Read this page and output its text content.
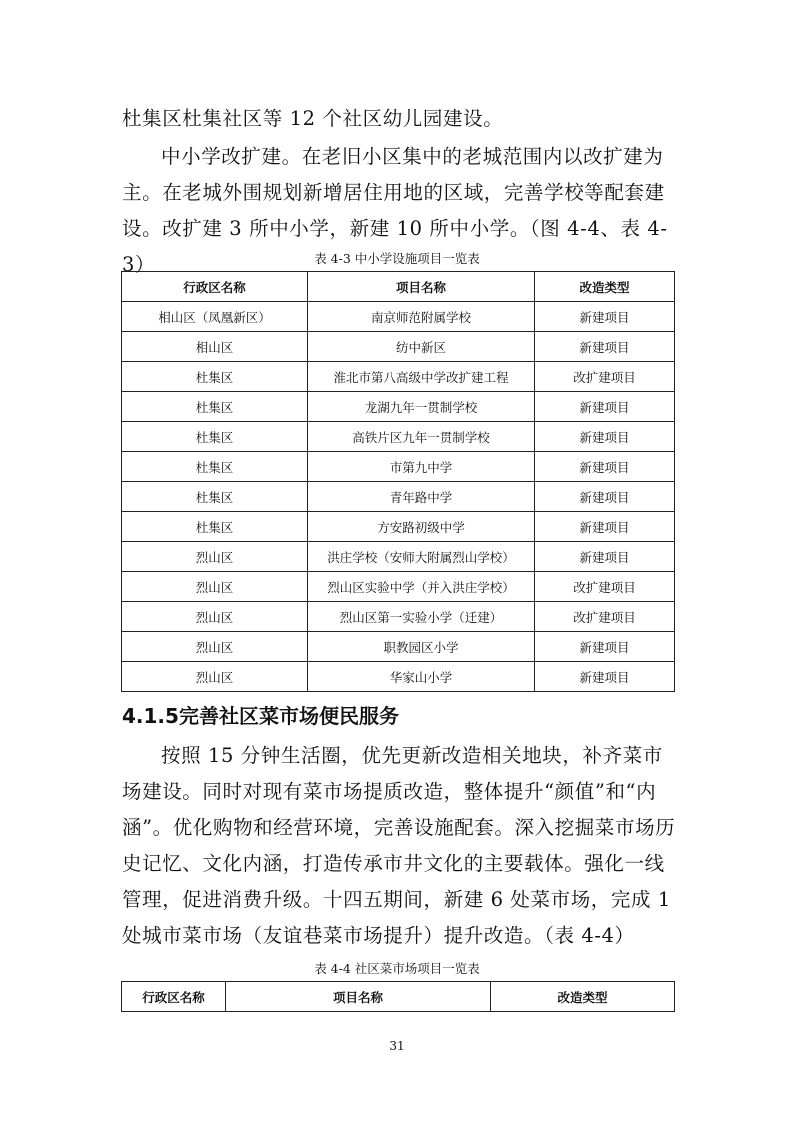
杜集区杜集社区等 12 个社区幼儿园建设。

中小学改扩建。在老旧小区集中的老城范围内以改扩建为主。在老城外围规划新增居住用地的区域，完善学校等配套建设。改扩建 3 所中小学，新建 10 所中小学。（图 4-4、表 4-3）	表 4-3 中小学设施项目一览表
行政区名称	项目名称	改造类型
相山区（凤凰新区）	南京师范附属学校	新建项目
相山区	纺中新区	新建项目
杜集区	淮北市第八高级中学改扩建工程	改扩建项目
杜集区	龙湖九年一贯制学校	新建项目
杜集区	高铁片区九年一贯制学校	新建项目
杜集区	市第九中学	新建项目
杜集区	青年路中学	新建项目
杜集区	方安路初级中学	新建项目
烈山区	洪庄学校（安师大附属烈山学校）	新建项目
烈山区	烈山区实验中学（并入洪庄学校）	改扩建项目
烈山区	烈山区第一实验小学（迁建）	改扩建项目
烈山区	职教园区小学	新建项目
烈山区	华家山小学	新建项目
4.1.5完善社区菜市场便民服务

按照 15 分钟生活圈，优先更新改造相关地块，补齐菜市场建设。同时对现有菜市场提质改造，整体提升“颜值”和“内涵”。优化购物和经营环境，完善设施配套。深入挖掘菜市场历史记忆、文化内涵，打造传承市井文化的主要载体。强化一线管理，促进消费升级。十四五期间，新建 6 处菜市场，完成 1 处城市菜市场（友谊巷菜市场提升）提升改造。（表 4-4）

表 4-4 社区菜市场项目一览表
行政区名称	项目名称	改造类型
31
